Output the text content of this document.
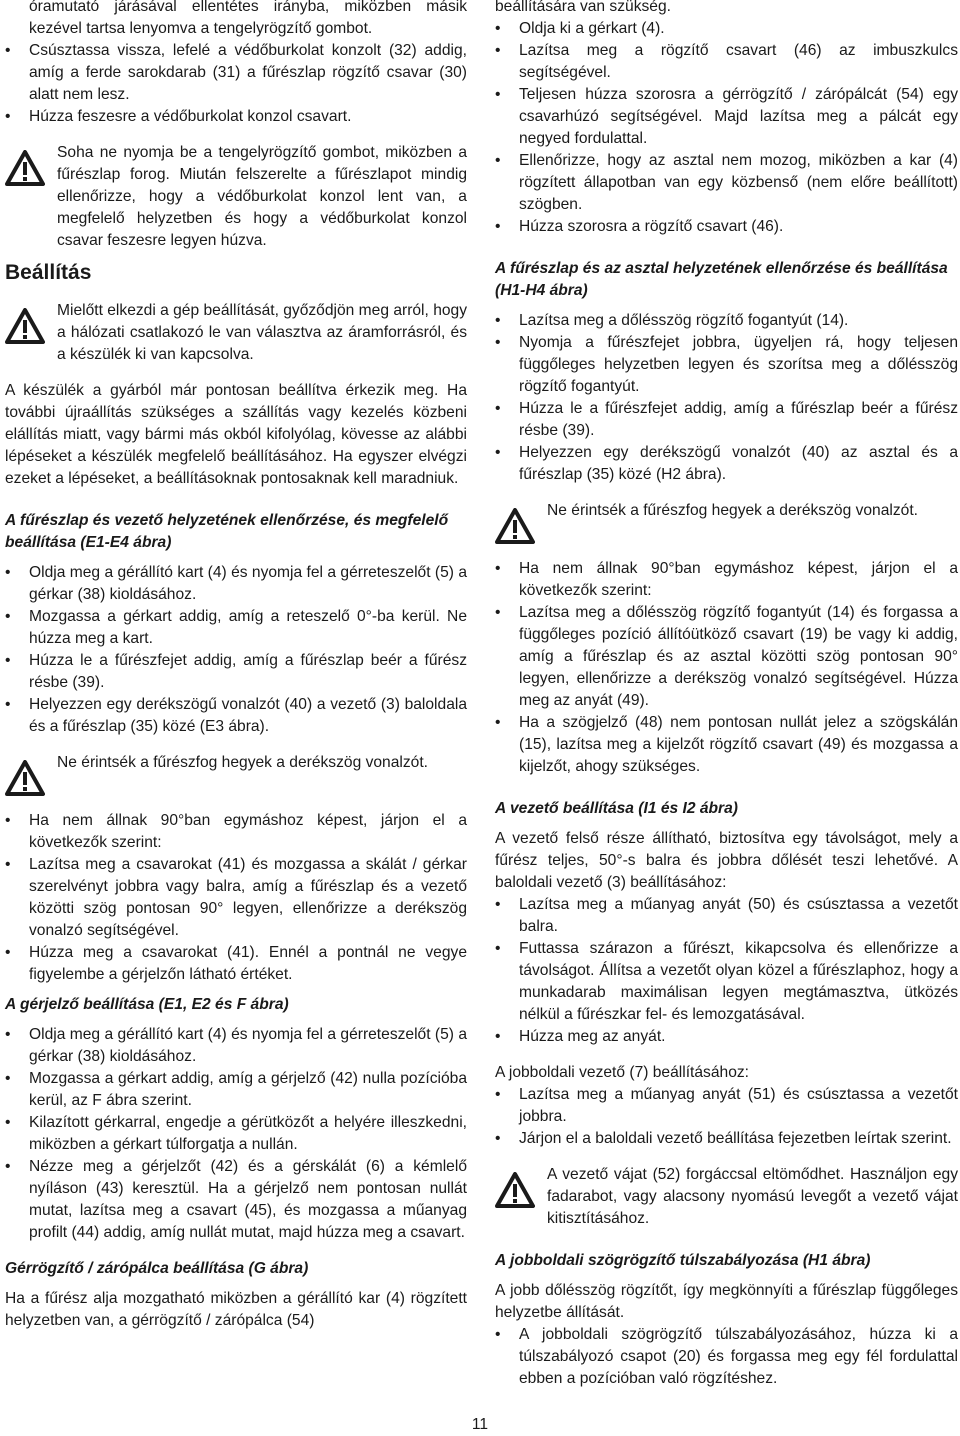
óramutató járásával ellentétes irányba, miközben másik kezével tartsa lenyomva a tengelyrögzítő gombot.
• Csúsztassa vissza, lefelé a védőburkolat konzolt (32) addig, amíg a ferde sarokdarab (31) a fűrészlap rögzítő csavar (30) alatt nem lesz.
• Húzza feszesre a védőburkolat konzol csavart.

Soha ne nyomja be a tengelyrögzítő gombot, miközben a fűrészlap forog. Miután felszerelte a fűrészlapot mindig ellenőrizze, hogy a védőburkolat konzol lent van, a megfelelő helyzetben és hogy a védőburkolat konzol csavar feszesre legyen húzva.

Beállítás

Mielőtt elkezdi a gép beállítását, győződjön meg arról, hogy a hálózati csatlakozó le van választva az áramforrásról, és a készülék ki van kapcsolva.

A készülék a gyárból már pontosan beállítva érkezik meg. Ha további újraállítás szükséges a szállítás vagy kezelés közbeni elállítás miatt, vagy bármi más okból kifolyólag, kövesse az alábbi lépéseket a készülék megfelelő beállításához. Ha egyszer elvégzi ezeket a lépéseket, a beállításoknak pontosaknak kell maradniuk.

A fűrészlap és vezető helyzetének ellenőrzése, és megfelelő beállítása (E1-E4 ábra)
• Oldja meg a gérállító kart (4) és nyomja fel a gérreteszelőt (5) a gérkar (38) kioldásához.
• Mozgassa a gérkart addig, amíg a reteszelő 0°-ba kerül. Ne húzza meg a kart.
• Húzza le a fűrészfejet addig, amíg a fűrészlap beér a fűrész résbe (39).
• Helyezzen egy derékszögű vonalzót (40) a vezető (3) baloldala és a fűrészlap (35) közé (E3 ábra).

Ne érintsék a fűrészfog hegyek a derékszög vonalzót.

• Ha nem állnak 90°ban egymáshoz képest, járjon el a következők szerint:
• Lazítsa meg a csavarokat (41) és mozgassa a skálát / gérkar szerelvényt jobbra vagy balra, amíg a fűrészlap és a vezető közötti szög pontosan 90° legyen, ellenőrizze a derékszög vonalzó segítségével.
• Húzza meg a csavarokat (41). Ennél a pontnál ne vegye figyelembe a gérjelzőn látható értéket.
A gérjelző beállítása (E1, E2 és F ábra)
• Oldja meg a gérállító kart (4) és nyomja fel a gérreteszelőt (5) a gérkar (38) kioldásához.
• Mozgassa a gérkart addig, amíg a gérjelző (42) nulla pozícióba kerül, az F ábra szerint.
• Kilazított gérkarral, engedje a gérütközőt a helyére illeszkedni, miközben a gérkart túlforgatja a nullán.
• Nézze meg a gérjelzőt (42) és a gérskálát (6) a kémlelő nyíláson (43) keresztül. Ha a gérjelző nem pontosan nullát mutat, lazítsa meg a csavart (45), és mozgassa a műanyag profilt (44) addig, amíg nullát mutat, majd húzza meg a csavart.
Gérrögzítő / zárópálca beállítása (G ábra)

Ha a fűrész alja mozgatható miközben a gérállító kar (4) rögzített helyzetben van, a gérrögzítő / zárópálca (54)

beállítására van szükség.

• Oldja ki a gérkart (4).
• Lazítsa meg a rögzítő csavart (46) az imbuszkulcs segítségével.
• Teljesen húzza szorosra a gérrögzítő / zárópálcát (54) egy csavarhúzó segítségével. Majd lazítsa meg a pálcát egy negyed fordulattal.
• Ellenőrizze, hogy az asztal nem mozog, miközben a kar (4) rögzített állapotban van egy közbenső (nem előre beállított) szögben.
• Húzza szorosra a rögzítő csavart (46).
A fűrészlap és az asztal helyzetének ellenőrzése és beállítása (H1-H4 ábra)
• Lazítsa meg a dőlésszög rögzítő fogantyút (14).
• Nyomja a fűrészfejet jobbra, ügyeljen rá, hogy teljesen függőleges helyzetben legyen és szorítsa meg a dőlésszög rögzítő fogantyút.
• Húzza le a fűrészfejet addig, amíg a fűrészlap beér a fűrész résbe (39).
• Helyezzen egy derékszögű vonalzót (40) az asztal és a fűrészlap (35) közé (H2 ábra).

Ne érintsék a fűrészfog hegyek a derékszög vonalzót.

• Ha nem állnak 90°ban egymáshoz képest, járjon el a következők szerint:
• Lazítsa meg a dőlésszög rögzítő fogantyút (14) és forgassa a függőleges pozíció állítóütköző csavart (19) be vagy ki addig, amíg a fűrészlap és az asztal közötti szög pontosan 90° legyen, ellenőrizze a derékszög vonalzó segítségével. Húzza meg az anyát (49).
• Ha a szögjelző (48) nem pontosan nullát jelez a szögskálán (15), lazítsa meg a kijelzőt rögzítő csavart (49) és mozgassa a kijelzőt, ahogy szükséges.
A vezető beállítása (I1 és I2 ábra)

A vezető felső része állítható, biztosítva egy távolságot, mely a fűrész teljes, 50°-s balra és jobbra dőlését teszi lehetővé. A baloldali vezető (3) beállításához:

• Lazítsa meg a műanyag anyát (50) és csúsztassa a vezetőt balra.
• Futtassa szárazon a fűrészt, kikapcsolva és ellenőrizze a távolságot. Állítsa a vezetőt olyan közel a fűrészlaphoz, hogy a munkadarab maximálisan legyen megtámasztva, ütközés nélkül a fűrészkar fel- és lemozgatásával.
• Húzza meg az anyát.

A jobboldali vezető (7) beállításához:

• Lazítsa meg a műanyag anyát (51) és csúsztassa a vezetőt jobbra.
• Járjon el a baloldali vezető beállítása fejezetben leírtak szerint.

A vezető vájat (52) forgáccsal eltömődhet. Használjon egy fadarabot, vagy alacsony nyomású levegőt a vezető vájat kitisztításához.

A jobboldali szögrögzítő túlszabályozása (H1 ábra)

A jobb dőlésszög rögzítőt, így megkönnyíti a fűrészlap függőleges helyzetbe állítását.

• A jobboldali szögrögzítő túlszabályozásához, húzza ki a túlszabályozó csapot (20) és forgassa meg egy fél fordulattal ebben a pozícióban való rögzítéshez.
11
